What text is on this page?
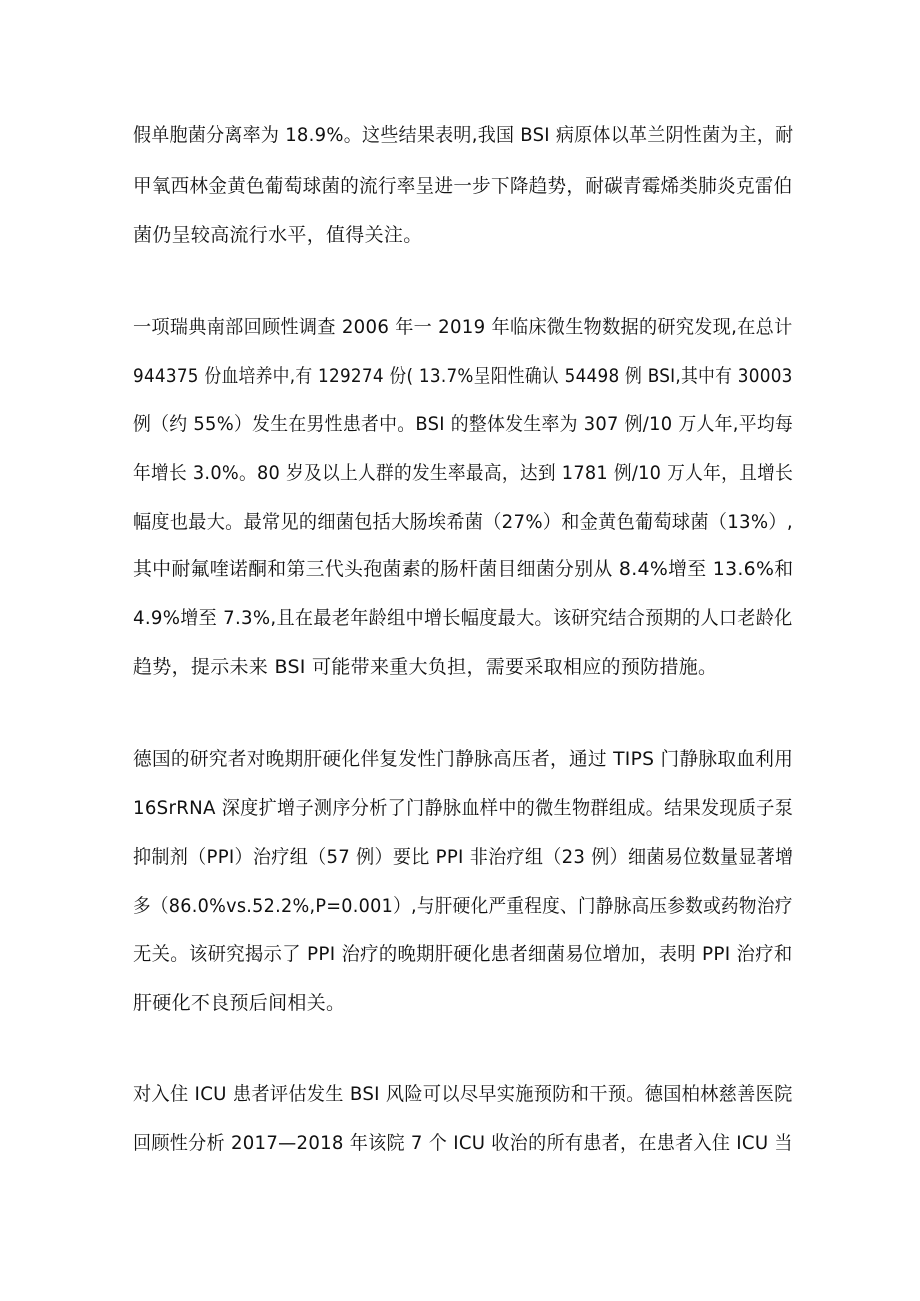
假单胞菌分离率为 18.9%。这些结果表明,我国 BSI 病原体以革兰阴性菌为主，耐
甲氧西林金黄色葡萄球菌的流行率呈进一步下降趋势，耐碳青霉烯类肺炎克雷伯
菌仍呈较高流行水平，值得关注。
一项瑞典南部回顾性调查 2006 年一 2019 年临床微生物数据的研究发现,在总计
944375 份血培养中,有 129274 份( 13.7%呈阳性确认 54498 例 BSI,其中有 30003
例（约 55%）发生在男性患者中。BSI 的整体发生率为 307 例/10 万人年,平均每
年增长 3.0%。80 岁及以上人群的发生率最高，达到 1781 例/10 万人年，且增长
幅度也最大。最常见的细菌包括大肠埃希菌（27%）和金黄色葡萄球菌（13%）,
其中耐氟喹诺酮和第三代头孢菌素的肠杆菌目细菌分别从 8.4%增至 13.6%和
4.9%增至 7.3%,且在最老年龄组中增长幅度最大。该研究结合预期的人口老龄化
趋势，提示未来 BSI 可能带来重大负担，需要采取相应的预防措施。
德国的研究者对晚期肝硬化伴复发性门静脉高压者，通过 TIPS 门静脉取血利用
16SrRNA 深度扩增子测序分析了门静脉血样中的微生物群组成。结果发现质子泵
抑制剂（PPI）治疗组（57 例）要比 PPI 非治疗组（23 例）细菌易位数量显著增
多（86.0%vs.52.2%,P=0.001）,与肝硬化严重程度、门静脉高压参数或药物治疗
无关。该研究揭示了 PPI 治疗的晚期肝硬化患者细菌易位增加，表明 PPI 治疗和
肝硬化不良预后间相关。
对入住 ICU 患者评估发生 BSI 风险可以尽早实施预防和干预。德国柏林慈善医院
回顾性分析 2017—2018 年该院 7 个 ICU 收治的所有患者，在患者入住 ICU 当
